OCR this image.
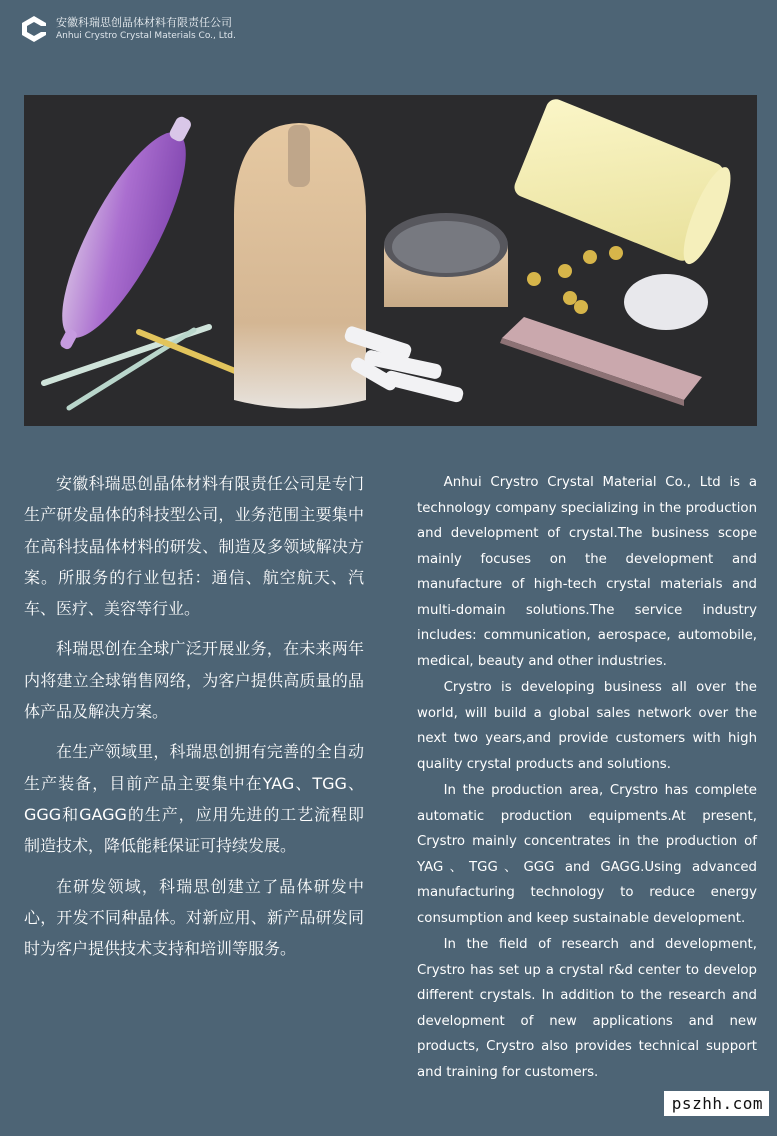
安徽科瑞思创晶体材料有限责任公司
Anhui Crystro Crystal Materials Co., Ltd.

安徽科瑞思创晶体材料有限责任公司是专门生产研发晶体的科技型公司，业务范围主要集中在高科技晶体材料的研发、制造及多领域解决方案。所服务的行业包括：通信、航空航天、汽车、医疗、美容等行业。

科瑞思创在全球广泛开展业务，在未来两年内将建立全球销售网络，为客户提供高质量的晶体产品及解决方案。

在生产领域里，科瑞思创拥有完善的全自动生产装备，目前产品主要集中在YAG、TGG、GGG和GAGG的生产，应用先进的工艺流程即制造技术，降低能耗保证可持续发展。

在研发领域，科瑞思创建立了晶体研发中心，开发不同种晶体。对新应用、新产品研发同时为客户提供技术支持和培训等服务。

Anhui Crystro Crystal Material Co., Ltd is a technology company specializing in the production and development of crystal.The business scope mainly focuses on the development and manufacture of high-tech crystal materials and multi-domain solutions.The service industry includes: communication, aerospace, automobile, medical, beauty and other industries.

Crystro is developing business all over the world, will build a global sales network over the next two years,and provide customers with high quality crystal products and solutions.

In the production area, Crystro has complete automatic production equipments.At present, Crystro mainly concentrates in the production of YAG、TGG、GGG and GAGG.Using advanced manufacturing technology to reduce energy consumption and keep sustainable development.

In the field of research and development, Crystro has set up a crystal r&d center to develop different crystals. In addition to the research and development of new applications and new products, Crystro also provides technical support and training for customers.

pszhh.com
